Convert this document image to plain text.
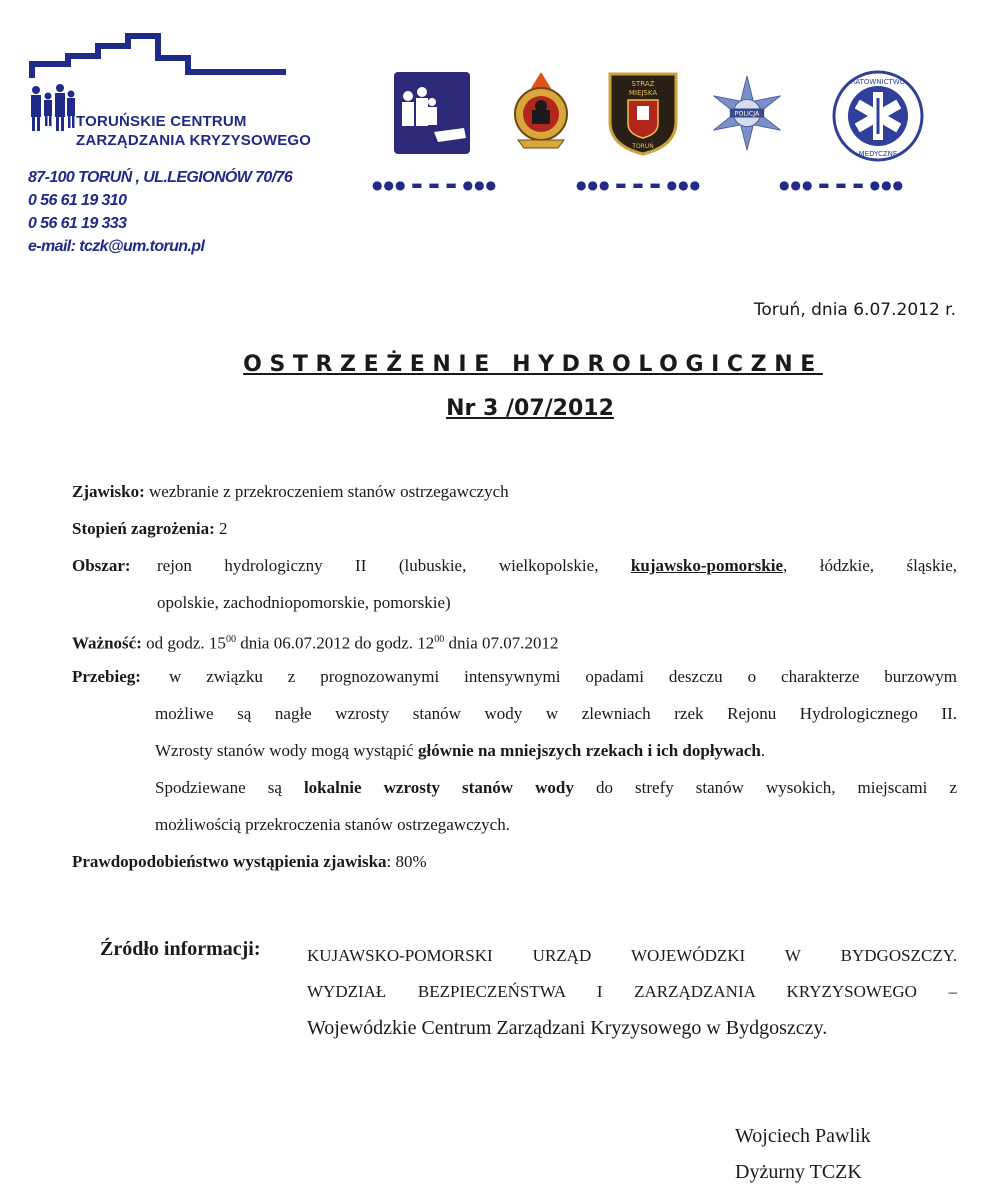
TORUŃSKIE CENTRUM
ZARZĄDZANIA KRYZYSOWEGO
87-100 TORUŃ , UL.LEGIONÓW 70/76
0 56 61 19 310
0 56 61 19 333
e-mail: tczk@um.torun.pl
STRAŻ
MIEJSKA
TORUŃ
POLICJA
RATOWNICTWO
MEDYCZNE
●●● ▬ ▬ ▬ ●●●	●●● ▬ ▬ ▬ ●●●	●●● ▬ ▬ ▬ ●●●
Toruń, dnia 6.07.2012 r.
OSTRZEŻENIE HYDROLOGICZNE
Nr 3 /07/2012
Zjawisko: wezbranie z przekroczeniem stanów ostrzegawczych
Stopień zagrożenia: 2
Obszar: rejon hydrologiczny II (lubuskie, wielkopolskie, kujawsko-pomorskie, łódzkie, śląskie,
opolskie, zachodniopomorskie, pomorskie)
Ważność: od godz. $15^{00}$ dnia 06.07.2012 do godz. $12^{00}$ dnia 07.07.2012
Przebieg: w związku z prognozowanymi intensywnymi opadami deszczu o charakterze burzowym
możliwe są nagłe wzrosty stanów wody w zlewniach rzek Rejonu Hydrologicznego II.
Wzrosty stanów wody mogą wystąpić głównie na mniejszych rzekach i ich dopływach.
Spodziewane są lokalnie wzrosty stanów wody do strefy stanów wysokich, miejscami z
możliwością przekroczenia stanów ostrzegawczych.
Prawdopodobieństwo wystąpienia zjawiska: 80%
Źródło informacji:	KUJAWSKO-POMORSKI URZĄD WOJEWÓDZKI W BYDGOSZCZY.
WYDZIAŁ BEZPIECZEŃSTWA I ZARZĄDZANIA KRYZYSOWEGO –
Wojewódzkie Centrum Zarządzani Kryzysowego w Bydgoszczy.
Wojciech Pawlik
Dyżurny TCZK
